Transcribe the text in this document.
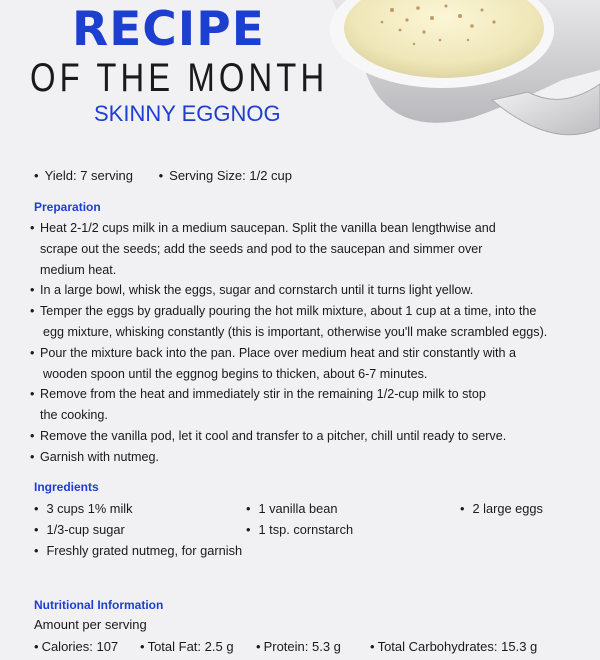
RECIPE
OF THE MONTH
SKINNY EGGNOG
• Yield: 7 serving	• Serving Size: 1/2 cup
Preparation
• Heat 2-1/2 cups milk in a medium saucepan. Split the vanilla bean lengthwise and
scrape out the seeds; add the seeds and pod to the saucepan and simmer over
medium heat.
• In a large bowl, whisk the eggs, sugar and cornstarch until it turns light yellow.
• Temper the eggs by gradually pouring the hot milk mixture, about 1 cup at a time, into the
egg mixture, whisking constantly (this is important, otherwise you'll make scrambled eggs).
• Pour the mixture back into the pan. Place over medium heat and stir constantly with a
wooden spoon until the eggnog begins to thicken, about 6-7 minutes.
• Remove from the heat and immediately stir in the remaining 1/2-cup milk to stop
the cooking.
• Remove the vanilla pod, let it cool and transfer to a pitcher, chill until ready to serve.
• Garnish with nutmeg.
Ingredients
• 3 cups 1% milk	• 1 vanilla bean	• 2 large eggs
• 1/3-cup sugar	• 1 tsp. cornstarch
• Freshly grated nutmeg, for garnish
Nutritional Information
Amount per serving
• Calories: 107	• Total Fat: 2.5 g	• Protein: 5.3 g	• Total Carbohydrates: 15.3 g
